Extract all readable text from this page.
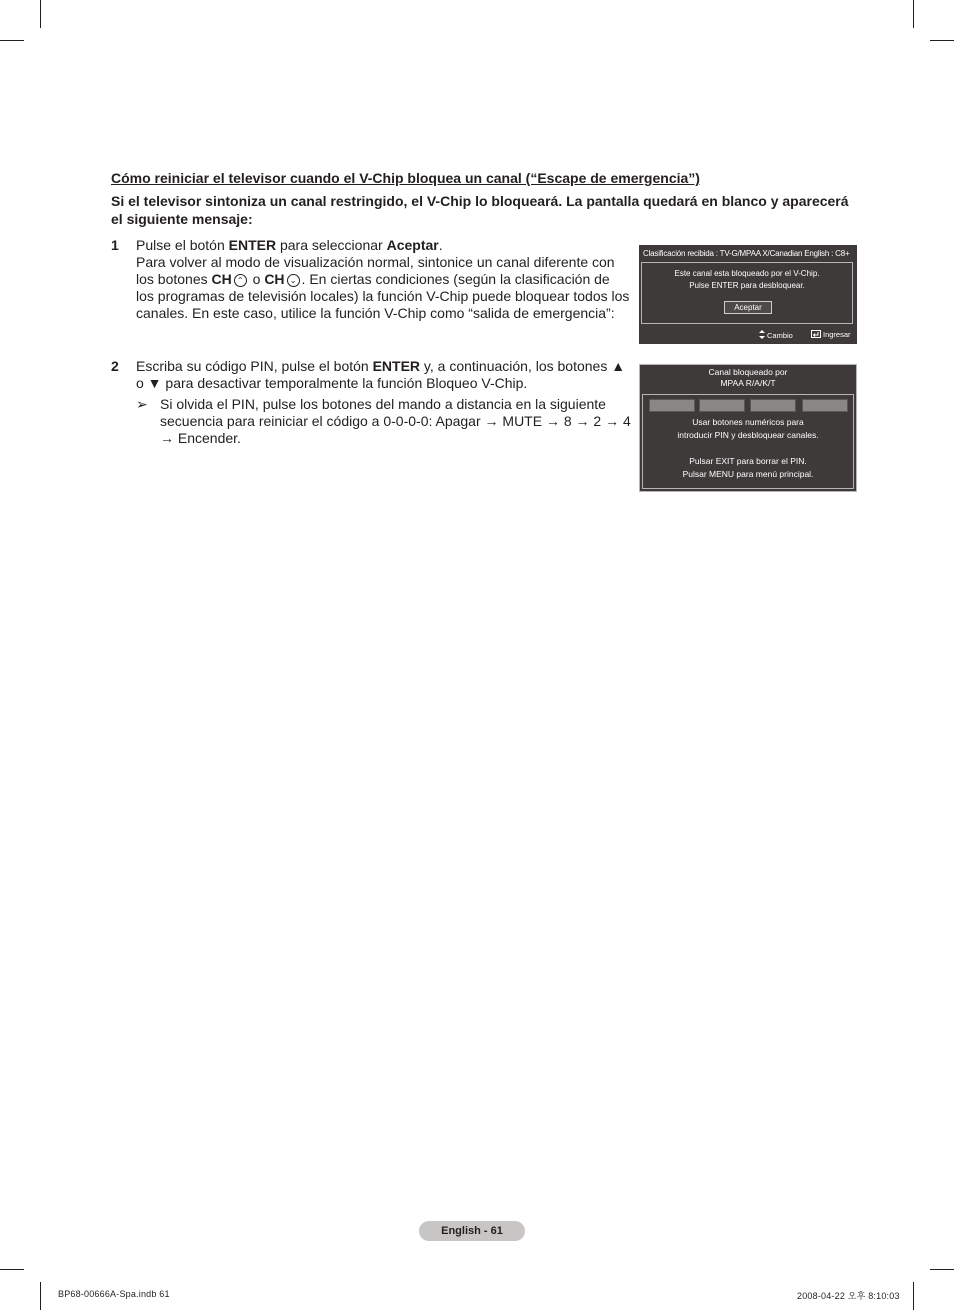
Cómo reiniciar el televisor cuando el V-Chip bloquea un canal (“Escape de emergencia”)
Si el televisor sintoniza un canal restringido, el V-Chip lo bloqueará. La pantalla quedará en blanco y aparecerá el siguiente mensaje:
1 Pulse el botón ENTER para seleccionar Aceptar.
Para volver al modo de visualización normal, sintonice un canal diferente con los botones CH ⌃ o CH ⌄ . En ciertas condiciones (según la clasificación de los programas de televisión locales) la función V-Chip puede bloquear todos los canales. En este caso, utilice la función V-Chip como “salida de emergencia”:
2 Escriba su código PIN, pulse el botón ENTER y, a continuación, los botones ▲ o ▼ para desactivar temporalmente la función Bloqueo V-Chip.
➢ Si olvida el PIN, pulse los botones del mando a distancia en la siguiente secuencia para reiniciar el código a 0-0-0-0: Apagar → MUTE → 8 → 2 → 4 → Encender.
Clasificación recibida : TV-G/MPAA X/Canadian English : C8+
Este canal esta bloqueado por el V-Chip.
Pulse ENTER para desbloquear.
Aceptar
Cambio	Ingresar
Canal bloqueado por
MPAA R/A/K/T
Usar botones numéricos para
introducir PIN y desbloquear canales.
Pulsar EXIT para borrar el PIN.
Pulsar MENU para menú principal.
English - 61
BP68-00666A-Spa.indb 61	2008-04-22 오후 8:10:03
